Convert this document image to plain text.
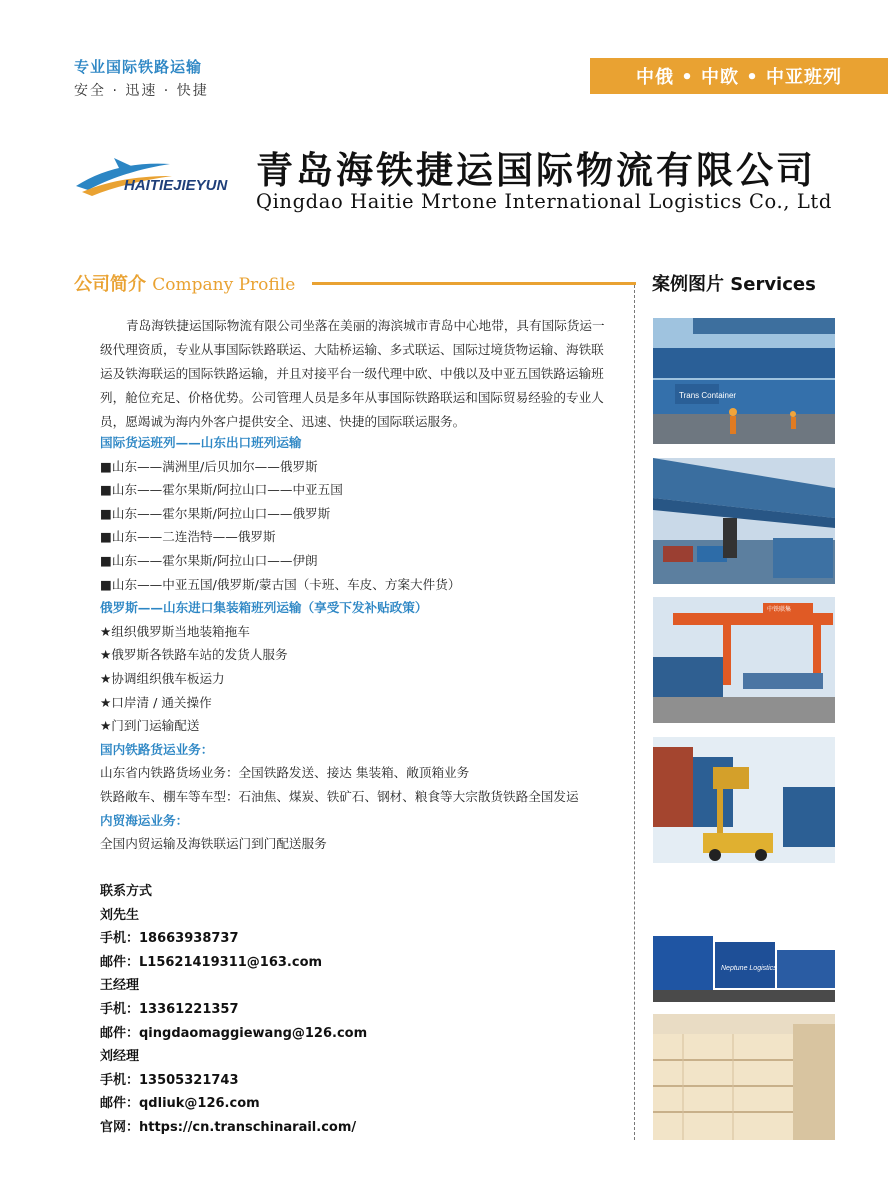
专业国际铁路运输
安全 · 迅速 · 快捷
中俄 • 中欧 • 中亚班列
HAITIEJIEYUN 青岛海铁捷运国际物流有限公司
Qingdao Haitie Mrtone International Logistics Co., Ltd
公司简介 Company Profile	案例图片 Services
青岛海铁捷运国际物流有限公司坐落在美丽的海滨城市青岛中心地带，具有国际货运一级代理资质，专业从事国际铁路联运、大陆桥运输、多式联运、国际过境货物运输、海铁联运及铁海联运的国际铁路运输，并且对接平台一级代理中欧、中俄以及中亚五国铁路运输班列，舱位充足、价格优势。公司管理人员是多年从事国际铁路联运和国际贸易经验的专业人员，愿竭诚为海内外客户提供安全、迅速、快捷的国际联运服务。
国际货运班列——山东出口班列运输
■山东——满洲里/后贝加尔——俄罗斯
■山东——霍尔果斯/阿拉山口——中亚五国
■山东——霍尔果斯/阿拉山口——俄罗斯
■山东——二连浩特——俄罗斯
■山东——霍尔果斯/阿拉山口——伊朗
■山东——中亚五国/俄罗斯/蒙古国（卡班、车皮、方案大件货）
俄罗斯——山东进口集装箱班列运输（享受下发补贴政策）
★组织俄罗斯当地装箱拖车
★俄罗斯各铁路车站的发货人服务
★协调组织俄车板运力
★口岸清 / 通关操作
★门到门运输配送
国内铁路货运业务：
山东省内铁路货场业务：全国铁路发送、接达 集装箱、敞顶箱业务
铁路敞车、棚车等车型：石油焦、煤炭、铁矿石、钢材、粮食等大宗散货铁路全国发运
内贸海运业务：
全国内贸运输及海铁联运门到门配送服务
联系方式
刘先生
手机：18663938737
邮件：L15621419311@163.com
王经理
手机：13361221357
邮件：qingdaomaggiewang@126.com
刘经理
手机：13505321743
邮件：qdliuk@126.com
官网：https://cn.transchinarail.com/
Trans Container
中铁联集
Neptune Logistics
